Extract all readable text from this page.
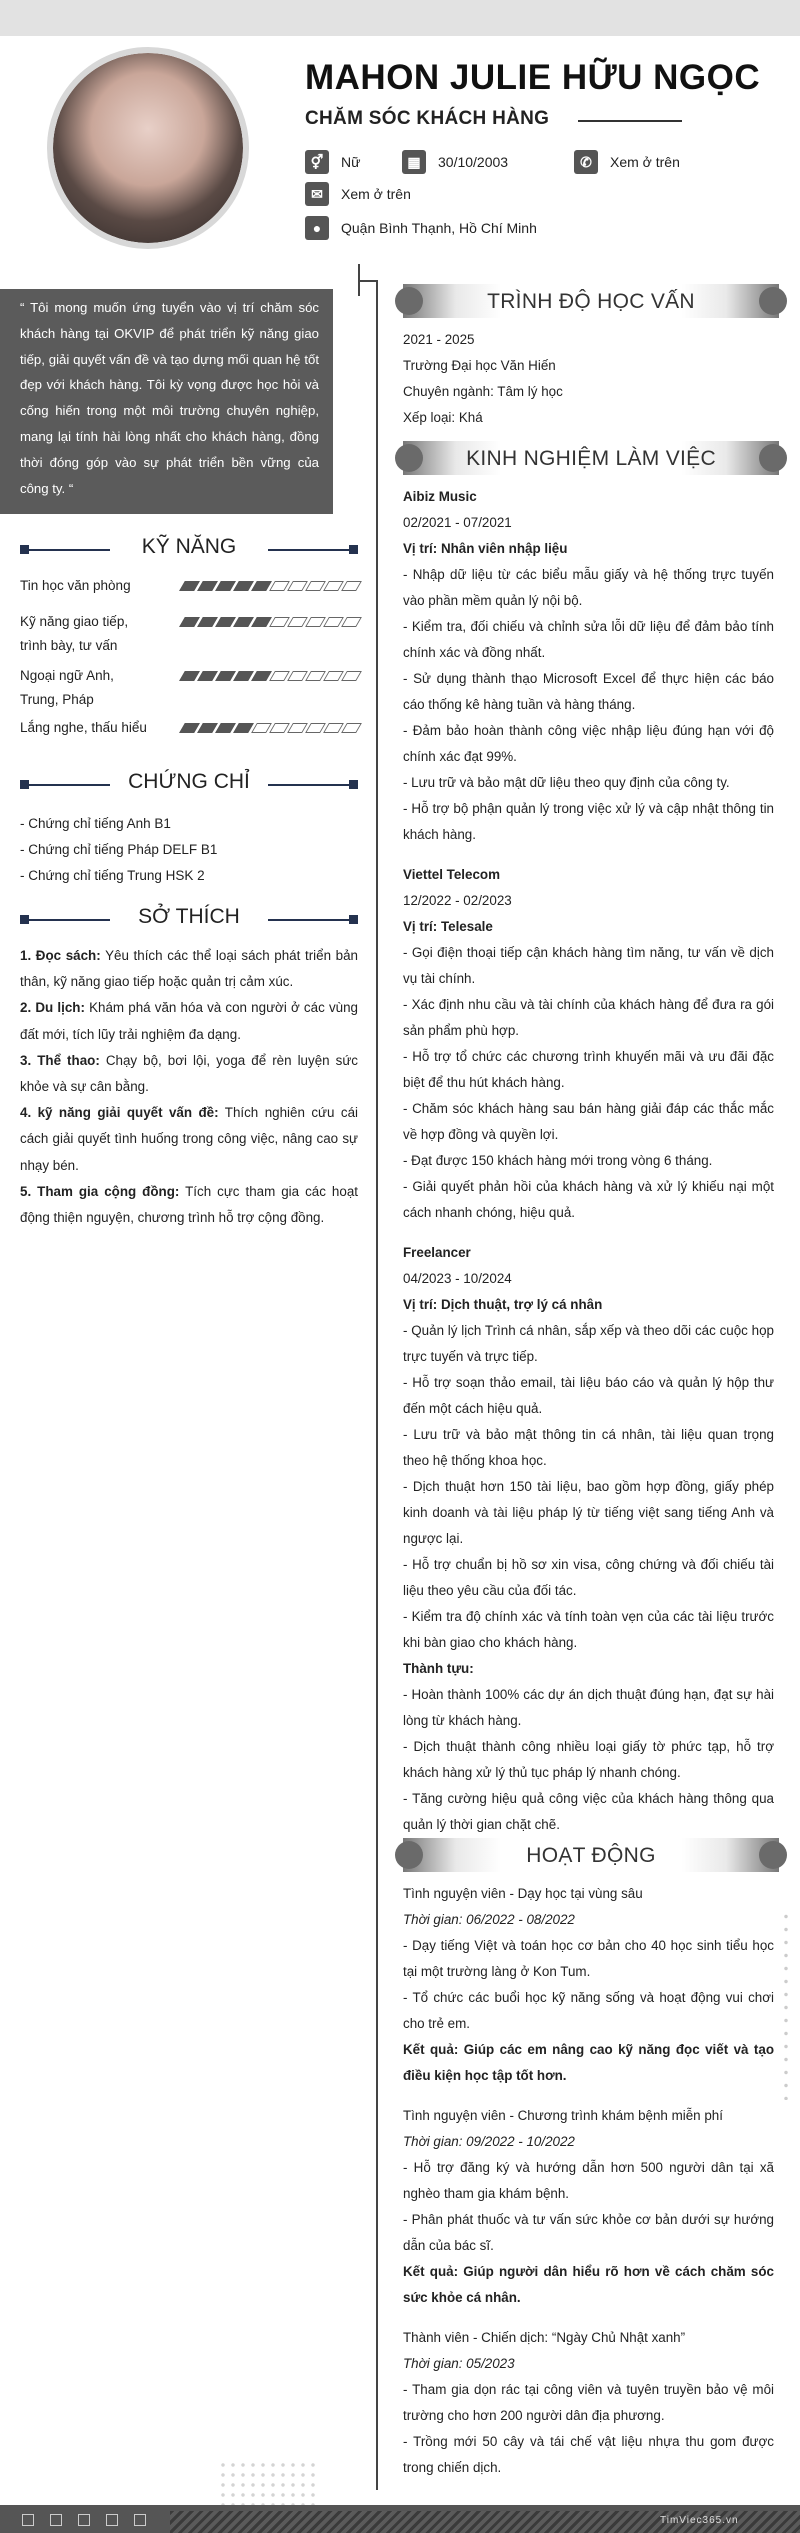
MAHON JULIE HỮU NGỌC
CHĂM SÓC KHÁCH HÀNG
⚥	Nữ	▦	30/10/2003	✆	Xem ở trên
✉	Xem ở trên
●	Quận Bình Thạnh, Hồ Chí Minh
“ Tôi mong muốn ứng tuyển vào vị trí chăm sóc khách hàng tại OKVIP để phát triển kỹ năng giao tiếp, giải quyết vấn đề và tạo dựng mối quan hệ tốt đẹp với khách hàng. Tôi kỳ vọng được học hỏi và cống hiến trong một môi trường chuyên nghiệp, mang lại tính hài lòng nhất cho khách hàng, đồng thời đóng góp vào sự phát triển bền vững của công ty. “
KỸ NĂNG
Tin học văn phòng
Kỹ năng giao tiếp, trình bày, tư vấn
Ngoại ngữ Anh, Trung, Pháp
Lắng nghe, thấu hiểu
CHỨNG CHỈ
- Chứng chỉ tiếng Anh B1
- Chứng chỉ tiếng Pháp DELF B1
- Chứng chỉ tiếng Trung HSK 2
SỞ THÍCH

1. Đọc sách: Yêu thích các thể loại sách phát triển bản thân, kỹ năng giao tiếp hoặc quản trị cảm xúc.

2. Du lịch: Khám phá văn hóa và con người ở các vùng đất mới, tích lũy trải nghiệm đa dạng.

3. Thể thao: Chạy bộ, bơi lội, yoga để rèn luyện sức khỏe và sự cân bằng.

4. kỹ năng giải quyết vấn đề: Thích nghiên cứu cái cách giải quyết tình huống trong công việc, nâng cao sự nhạy bén.

5. Tham gia cộng đồng: Tích cực tham gia các hoạt động thiện nguyện, chương trình hỗ trợ cộng đồng.

TRÌNH ĐỘ HỌC VẤN
2021 - 2025
Trường Đại học Văn Hiến
Chuyên ngành: Tâm lý học
Xếp loại: Khá
KINH NGHIỆM LÀM VIỆC
Aibiz Music
02/2021 - 07/2021
Vị trí: Nhân viên nhập liệu
- Nhập dữ liệu từ các biểu mẫu giấy và hệ thống trực tuyến vào phần mềm quản lý nội bộ.
- Kiểm tra, đối chiếu và chỉnh sửa lỗi dữ liệu để đảm bảo tính chính xác và đồng nhất.
- Sử dụng thành thạo Microsoft Excel để thực hiện các báo cáo thống kê hàng tuần và hàng tháng.
- Đảm bảo hoàn thành công việc nhập liệu đúng hạn với độ chính xác đạt 99%.
- Lưu trữ và bảo mật dữ liệu theo quy định của công ty.
- Hỗ trợ bộ phận quản lý trong việc xử lý và cập nhật thông tin khách hàng.
Viettel Telecom
12/2022 - 02/2023
Vị trí: Telesale
- Gọi điện thoại tiếp cận khách hàng tìm năng, tư vấn về dịch vụ tài chính.
- Xác định nhu cầu và tài chính của khách hàng để đưa ra gói sản phẩm phù hợp.
- Hỗ trợ tổ chức các chương trình khuyến mãi và ưu đãi đặc biệt để thu hút khách hàng.
- Chăm sóc khách hàng sau bán hàng giải đáp các thắc mắc về hợp đồng và quyền lợi.
- Đạt được 150 khách hàng mới trong vòng 6 tháng.
- Giải quyết phản hồi của khách hàng và xử lý khiếu nại một cách nhanh chóng, hiệu quả.
Freelancer
04/2023 - 10/2024
Vị trí: Dịch thuật, trợ lý cá nhân
- Quản lý lịch Trình cá nhân, sắp xếp và theo dõi các cuộc họp trực tuyến và trực tiếp.
- Hỗ trợ soạn thảo email, tài liệu báo cáo và quản lý hộp thư đến một cách hiệu quả.
- Lưu trữ và bảo mật thông tin cá nhân, tài liệu quan trọng theo hệ thống khoa học.
- Dịch thuật hơn 150 tài liệu, bao gồm hợp đồng, giấy phép kinh doanh và tài liệu pháp lý từ tiếng việt sang tiếng Anh và ngược lại.
- Hỗ trợ chuẩn bị hồ sơ xin visa, công chứng và đối chiếu tài liệu theo yêu cầu của đối tác.
- Kiểm tra độ chính xác và tính toàn vẹn của các tài liệu trước khi bàn giao cho khách hàng.
Thành tựu:
- Hoàn thành 100% các dự án dịch thuật đúng hạn, đạt sự hài lòng từ khách hàng.
- Dịch thuật thành công nhiều loại giấy tờ phức tạp, hỗ trợ khách hàng xử lý thủ tục pháp lý nhanh chóng.
- Tăng cường hiệu quả công việc của khách hàng thông qua quản lý thời gian chặt chẽ.
HOẠT ĐỘNG
Tình nguyện viên - Dạy học tại vùng sâu
Thời gian: 06/2022 - 08/2022
- Dạy tiếng Việt và toán học cơ bản cho 40 học sinh tiểu học tại một trường làng ở Kon Tum.
- Tổ chức các buổi học kỹ năng sống và hoạt động vui chơi cho trẻ em.
Kết quả: Giúp các em nâng cao kỹ năng đọc viết và tạo điều kiện học tập tốt hơn.
Tình nguyện viên - Chương trình khám bệnh miễn phí
Thời gian: 09/2022 - 10/2022
- Hỗ trợ đăng ký và hướng dẫn hơn 500 người dân tại xã nghèo tham gia khám bệnh.
- Phân phát thuốc và tư vấn sức khỏe cơ bản dưới sự hướng dẫn của bác sĩ.
Kết quả: Giúp người dân hiểu rõ hơn về cách chăm sóc sức khỏe cá nhân.
Thành viên - Chiến dịch: “Ngày Chủ Nhật xanh”
Thời gian: 05/2023
- Tham gia dọn rác tại công viên và tuyên truyền bảo vệ môi trường cho hơn 200 người dân địa phương.
- Trồng mới 50 cây và tái chế vật liệu nhựa thu gom được trong chiến dịch.
TimViec365.vn
